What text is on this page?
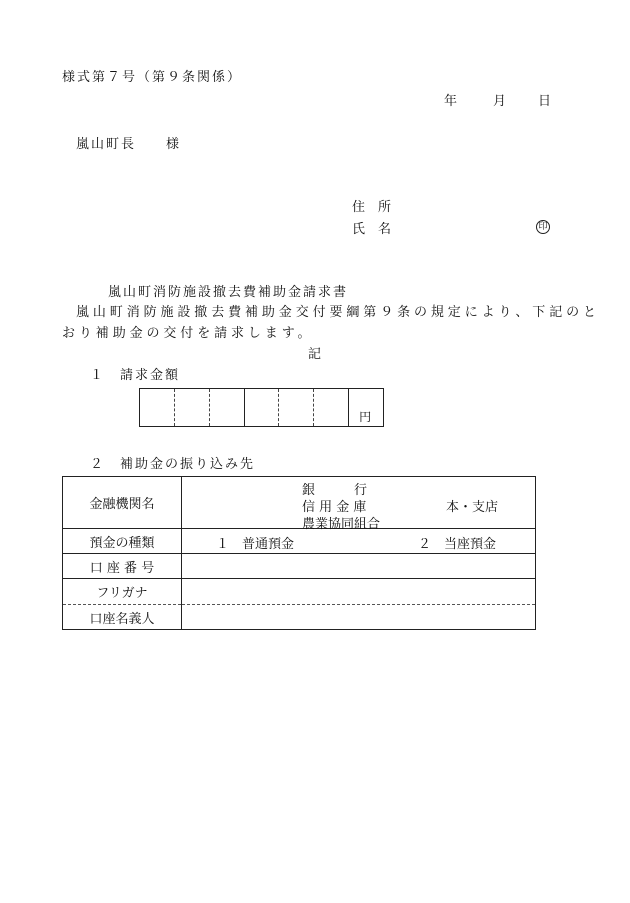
様式第７号（第９条関係）
年	月 日
嵐山町長　　様
住　所
氏　名	印
嵐山町消防施設撤去費補助金請求書
嵐山町消防施設撤去費補助金交付要綱第９条の規定により、下記のと
おり補助金の交付を請求します。
記
１　請求金額
円
２　補助金の振り込み先
金融機関名	銀　　　行
信 用 金 庫
農業協同組合
本・支店

預金の種類	１　普通預金 ２　当座預金

口 座 番 号	
フリガナ	
口座名義人	
